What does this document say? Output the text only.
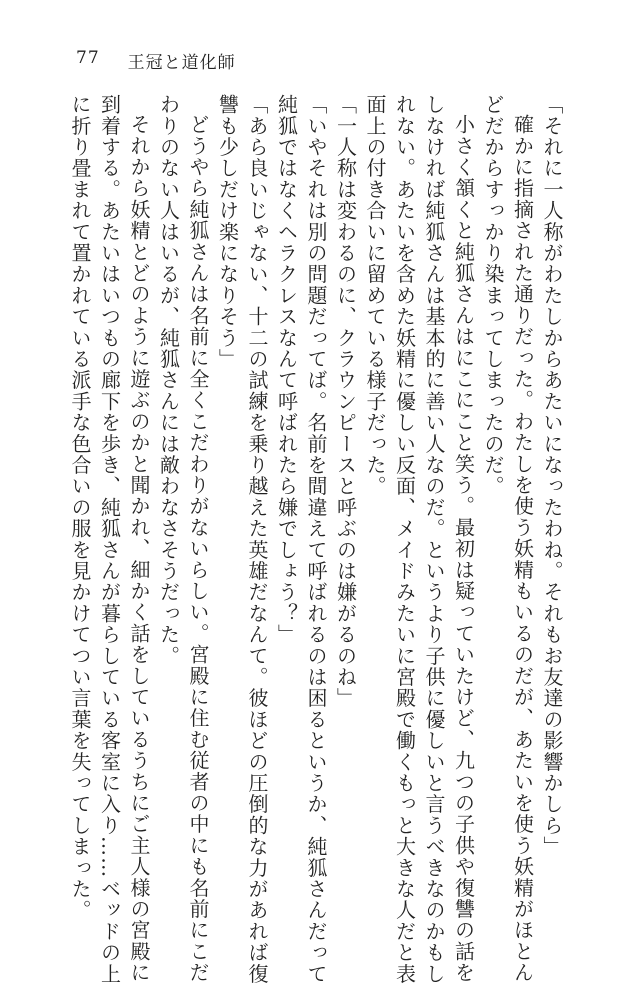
77 王冠と道化師
「それに一人称がわたしからあたいになったわね。それもお友達の影響かしら」
確かに指摘された通りだった。わたしを使う妖精もいるのだが、あたいを使う妖精がほとん
どだからすっかり染まってしまったのだ。
小さく頷くと純狐さんはにこにこと笑う。最初は疑っていたけど、九つの子供や復讐の話を
しなければ純狐さんは基本的に善い人なのだ。というより子供に優しいと言うべきなのかもし
れない。あたいを含めた妖精に優しい反面、メイドみたいに宮殿で働くもっと大きな人だと表
面上の付き合いに留めている様子だった。
「一人称は変わるのに、クラウンピースと呼ぶのは嫌がるのね」
「いやそれは別の問題だってば。名前を間違えて呼ばれるのは困るというか、純狐さんだって
純狐ではなくヘラクレスなんて呼ばれたら嫌でしょう？」
「あら良いじゃない、十二の試練を乗り越えた英雄だなんて。彼ほどの圧倒的な力があれば復
讐も少しだけ楽になりそう」
どうやら純狐さんは名前に全くこだわりがないらしい。宮殿に住む従者の中にも名前にこだ
わりのない人はいるが、純狐さんには敵わなさそうだった。
それから妖精とどのように遊ぶのかと聞かれ、細かく話をしているうちにご主人様の宮殿に
到着する。あたいはいつもの廊下を歩き、純狐さんが暮らしている客室に入り……ベッドの上
に折り畳まれて置かれている派手な色合いの服を見かけてつい言葉を失ってしまった。
